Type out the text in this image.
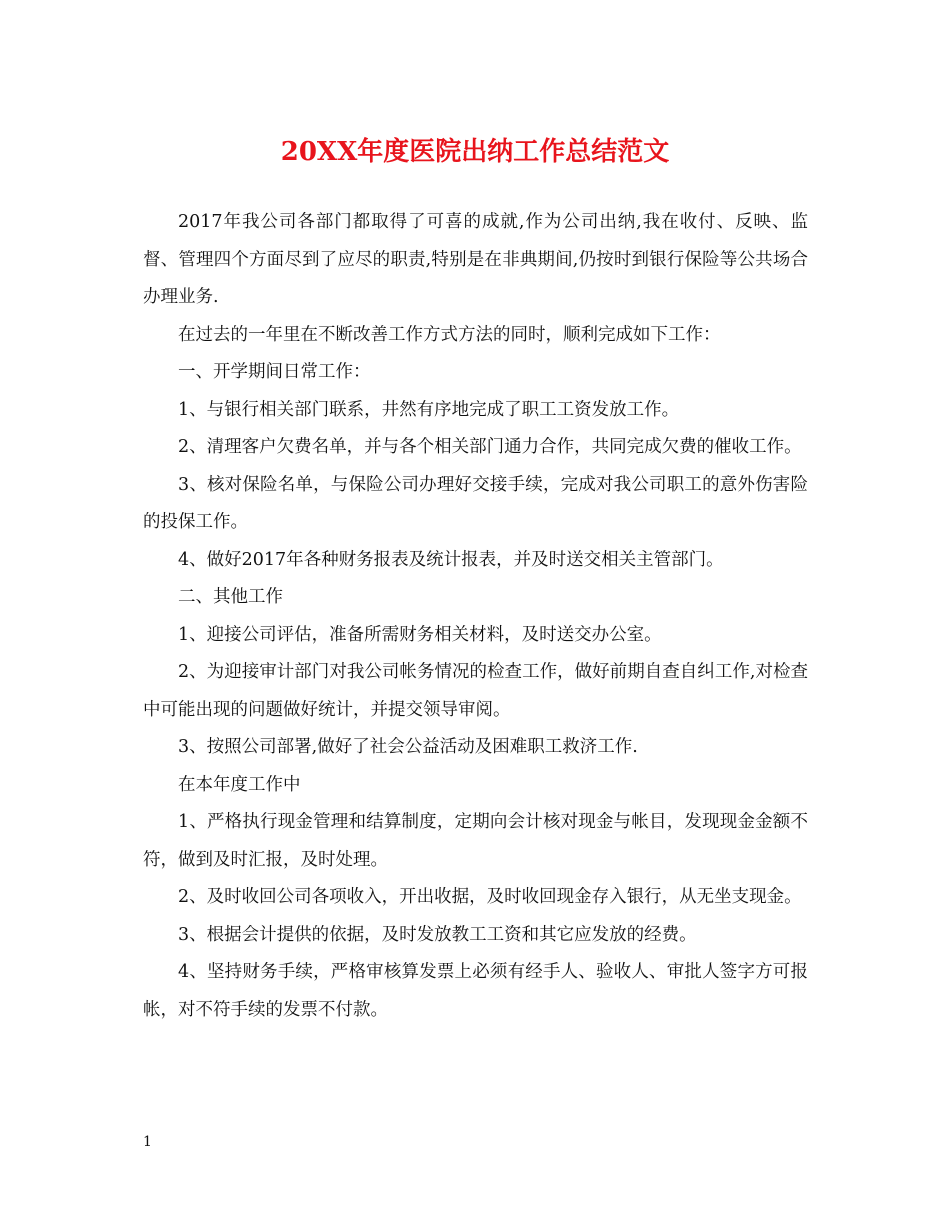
20XX年度医院出纳工作总结范文

2017年我公司各部门都取得了可喜的成就,作为公司出纳,我在收付、反映、监督、管理四个方面尽到了应尽的职责,特别是在非典期间,仍按时到银行保险等公共场合办理业务.

在过去的一年里在不断改善工作方式方法的同时，顺利完成如下工作：

一、开学期间日常工作：

1、与银行相关部门联系，井然有序地完成了职工工资发放工作。

2、清理客户欠费名单，并与各个相关部门通力合作，共同完成欠费的催收工作。

3、核对保险名单，与保险公司办理好交接手续，完成对我公司职工的意外伤害险的投保工作。

4、做好2017年各种财务报表及统计报表，并及时送交相关主管部门。

二、其他工作

1、迎接公司评估，准备所需财务相关材料，及时送交办公室。

2、为迎接审计部门对我公司帐务情况的检查工作，做好前期自查自纠工作,对检查中可能出现的问题做好统计，并提交领导审阅。

3、按照公司部署,做好了社会公益活动及困难职工救济工作.

在本年度工作中

1、严格执行现金管理和结算制度，定期向会计核对现金与帐目，发现现金金额不符，做到及时汇报，及时处理。

2、及时收回公司各项收入，开出收据，及时收回现金存入银行，从无坐支现金。

3、根据会计提供的依据，及时发放教工工资和其它应发放的经费。

4、坚持财务手续，严格审核算发票上必须有经手人、验收人、审批人签字方可报帐，对不符手续的发票不付款。

1
